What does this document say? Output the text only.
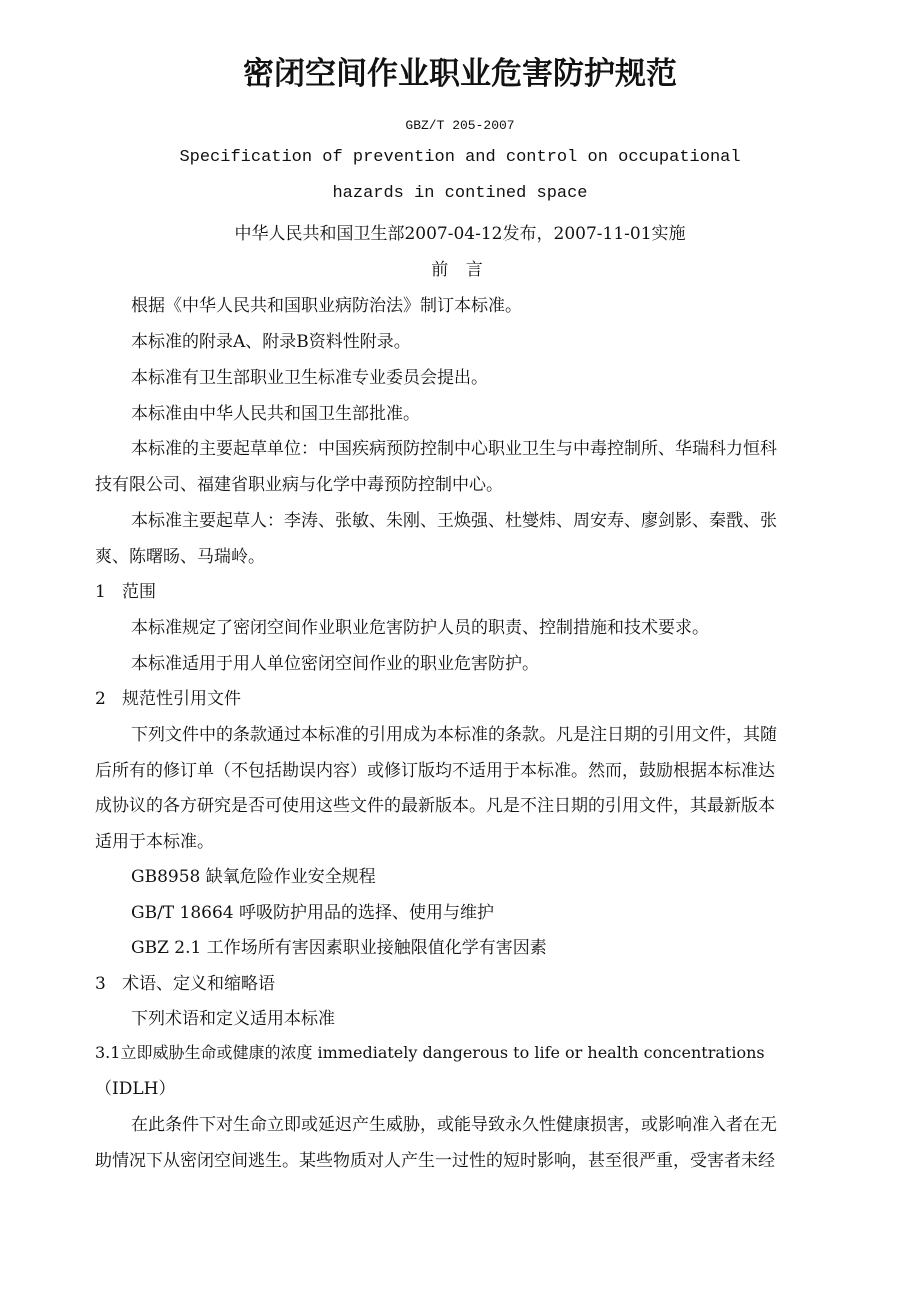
密闭空间作业职业危害防护规范
GBZ/T 205-2007
Specification of prevention and control on occupational
hazards in contined space
中华人民共和国卫生部2007-04-12发布，2007-11-01实施
前 言
根据《中华人民共和国职业病防治法》制订本标准。
本标准的附录A、附录B资料性附录。
本标准有卫生部职业卫生标准专业委员会提出。
本标准由中华人民共和国卫生部批准。
本标准的主要起草单位：中国疾病预防控制中心职业卫生与中毒控制所、华瑞科力恒科
技有限公司、福建省职业病与化学中毒预防控制中心。
本标准主要起草人：李涛、张敏、朱刚、王焕强、杜燮炜、周安寿、廖剑影、秦戬、张
爽、陈曙旸、马瑞岭。
1   范围
本标准规定了密闭空间作业职业危害防护人员的职责、控制措施和技术要求。
本标准适用于用人单位密闭空间作业的职业危害防护。
2   规范性引用文件
下列文件中的条款通过本标准的引用成为本标准的条款。凡是注日期的引用文件，其随
后所有的修订单（不包括勘误内容）或修订版均不适用于本标准。然而，鼓励根据本标准达
成协议的各方研究是否可使用这些文件的最新版本。凡是不注日期的引用文件，其最新版本
适用于本标准。
GB8958 缺氧危险作业安全规程
GB/T 18664 呼吸防护用品的选择、使用与维护
GBZ 2.1 工作场所有害因素职业接触限值化学有害因素
3   术语、定义和缩略语
下列术语和定义适用本标准
3.1立即威胁生命或健康的浓度 immediately dangerous to life or health concentrations
（IDLH）
在此条件下对生命立即或延迟产生威胁，或能导致永久性健康损害，或影响准入者在无
助情况下从密闭空间逃生。某些物质对人产生一过性的短时影响，甚至很严重，受害者未经
